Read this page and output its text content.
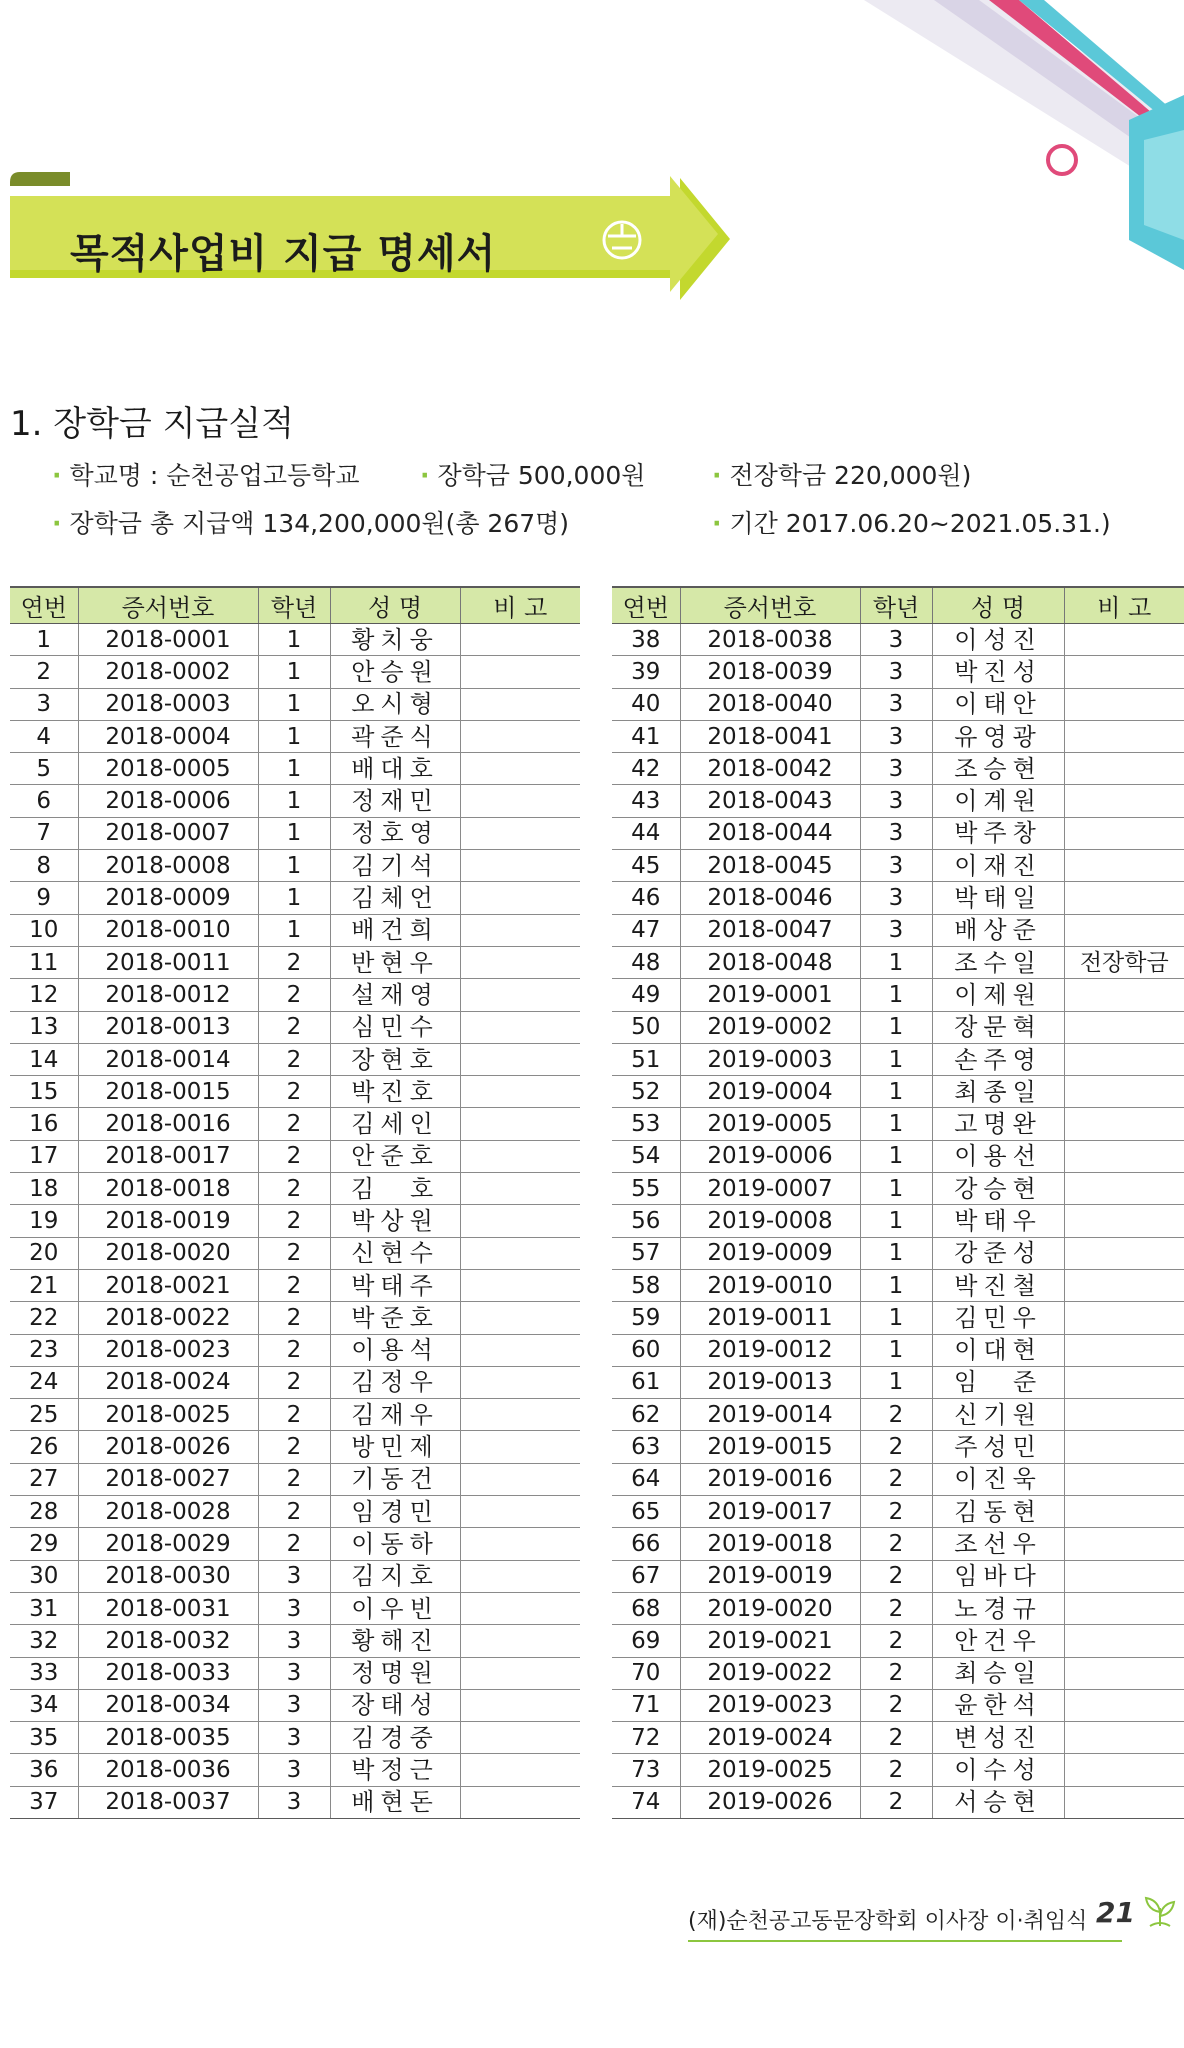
목적사업비 지급 명세서
1. 장학금 지급실적
· 학교명 : 순천공업고등학교 · 장학금 500,000원	· 전장학금 220,000원)
· 장학금 총 지급액 134,200,000원(총 267명)	· 기간 2017.06.20~2021.05.31.)
연번	증서번호	학년	성 명	비 고
1	2018-0001	1	황치웅	
2	2018-0002	1	안승원	
3	2018-0003	1	오시형	
4	2018-0004	1	곽준식	
5	2018-0005	1	배대호	
6	2018-0006	1	정재민	
7	2018-0007	1	정호영	
8	2018-0008	1	김기석	
9	2018-0009	1	김체언	
10	2018-0010	1	배건희	
11	2018-0011	2	반현우	
12	2018-0012	2	설재영	
13	2018-0013	2	심민수	
14	2018-0014	2	장현호	
15	2018-0015	2	박진호	
16	2018-0016	2	김세인	
17	2018-0017	2	안준호	
18	2018-0018	2	김　호	
19	2018-0019	2	박상원	
20	2018-0020	2	신현수	
21	2018-0021	2	박태주	
22	2018-0022	2	박준호	
23	2018-0023	2	이용석	
24	2018-0024	2	김정우	
25	2018-0025	2	김재우	
26	2018-0026	2	방민제	
27	2018-0027	2	기동건	
28	2018-0028	2	임경민	
29	2018-0029	2	이동하	
30	2018-0030	3	김지호	
31	2018-0031	3	이우빈	
32	2018-0032	3	황해진	
33	2018-0033	3	정명원	
34	2018-0034	3	장태성	
35	2018-0035	3	김경중	
36	2018-0036	3	박정근	
37	2018-0037	3	배현돈	
연번	증서번호	학년	성 명	비 고
38	2018-0038	3	이성진	
39	2018-0039	3	박진성	
40	2018-0040	3	이태안	
41	2018-0041	3	유영광	
42	2018-0042	3	조승현	
43	2018-0043	3	이계원	
44	2018-0044	3	박주창	
45	2018-0045	3	이재진	
46	2018-0046	3	박태일	
47	2018-0047	3	배상준	
48	2018-0048	1	조수일	전장학금
49	2019-0001	1	이제원	
50	2019-0002	1	장문혁	
51	2019-0003	1	손주영	
52	2019-0004	1	최종일	
53	2019-0005	1	고명완	
54	2019-0006	1	이용선	
55	2019-0007	1	강승현	
56	2019-0008	1	박태우	
57	2019-0009	1	강준성	
58	2019-0010	1	박진철	
59	2019-0011	1	김민우	
60	2019-0012	1	이대현	
61	2019-0013	1	임　준	
62	2019-0014	2	신기원	
63	2019-0015	2	주성민	
64	2019-0016	2	이진욱	
65	2019-0017	2	김동현	
66	2019-0018	2	조선우	
67	2019-0019	2	임바다	
68	2019-0020	2	노경규	
69	2019-0021	2	안건우	
70	2019-0022	2	최승일	
71	2019-0023	2	윤한석	
72	2019-0024	2	변성진	
73	2019-0025	2	이수성	
74	2019-0026	2	서승현	
(재)순천공고동문장학회 이사장 이·취임식 21
